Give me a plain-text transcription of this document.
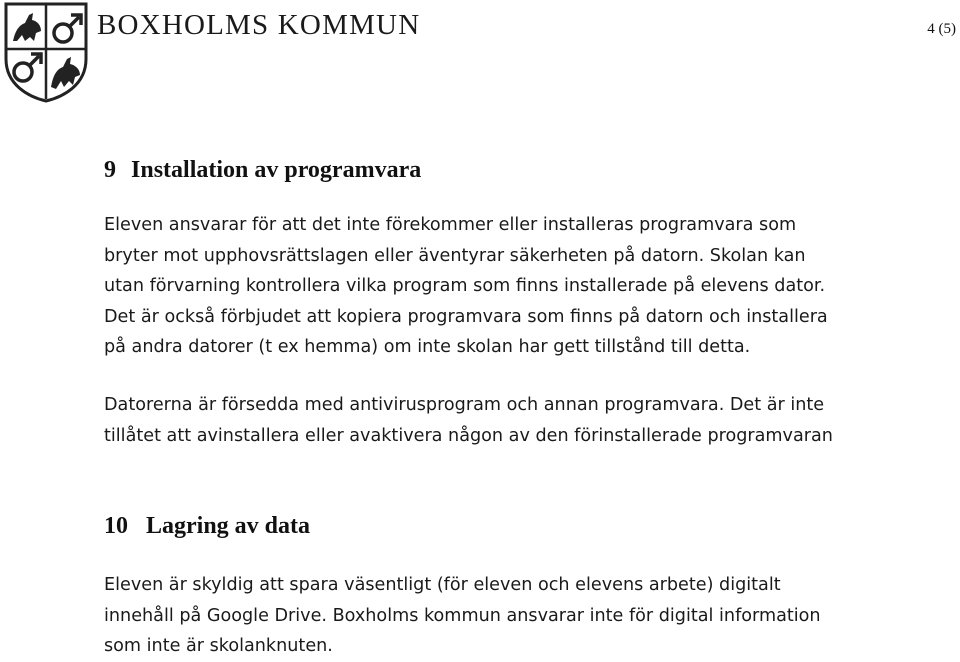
BOXHOLMS KOMMUN	4 (5)
9 Installation av programvara
Eleven ansvarar för att det inte förekommer eller installeras programvara som
bryter mot upphovsrättslagen eller äventyrar säkerheten på datorn. Skolan kan
utan förvarning kontrollera vilka program som finns installerade på elevens dator.
Det är också förbjudet att kopiera programvara som finns på datorn och installera
på andra datorer (t ex hemma) om inte skolan har gett tillstånd till detta.
Datorerna är försedda med antivirusprogram och annan programvara. Det är inte
tillåtet att avinstallera eller avaktivera någon av den förinstallerade programvaran
10 Lagring av data
Eleven är skyldig att spara väsentligt (för eleven och elevens arbete) digitalt
innehåll på Google Drive. Boxholms kommun ansvarar inte för digital information
som inte är skolanknuten.
